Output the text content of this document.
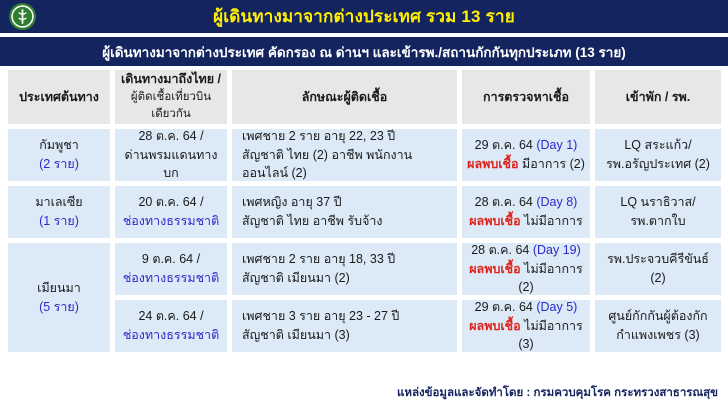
ผู้เดินทางมาจากต่างประเทศ รวม 13 ราย
ผู้เดินทางมาจากต่างประเทศ คัดกรอง ณ ด่านฯ และเข้ารพ./สถานกักกันทุกประเภท (13 ราย)
ประเทศต้นทาง
เดินทางมาถึงไทย /
ผู้ติดเชื้อเที่ยวบินเดียวกัน
ลักษณะผู้ติดเชื้อ	การตรวจหาเชื้อ	เข้าพัก / รพ.
กัมพูชา
(2 ราย)
28 ต.ค. 64 /
ด่านพรมแดนทางบก
เพศชาย 2 ราย อายุ 22, 23 ปี
สัญชาติ ไทย (2) อาชีพ พนักงานออนไลน์ (2)
29 ต.ค. 64 (Day 1)
ผลพบเชื้อ มีอาการ (2)
LQ สระแก้ว/
รพ.อรัญประเทศ (2)
มาเลเซีย
(1 ราย)
20 ต.ค. 64 /
ช่องทางธรรมชาติ
เพศหญิง อายุ 37 ปี
สัญชาติ ไทย อาชีพ รับจ้าง
28 ต.ค. 64 (Day 8)
ผลพบเชื้อ ไม่มีอาการ
LQ นราธิวาส/
รพ.ตากใบ
เมียนมา
(5 ราย)
9 ต.ค. 64 /
ช่องทางธรรมชาติ
เพศชาย 2 ราย อายุ 18, 33 ปี
สัญชาติ เมียนมา (2)
28 ต.ค. 64 (Day 19)
ผลพบเชื้อ ไม่มีอาการ (2)
รพ.ประจวบคีรีขันธ์ (2)
24 ต.ค. 64 /
ช่องทางธรรมชาติ
เพศชาย 3 ราย อายุ 23 - 27 ปี
สัญชาติ เมียนมา (3)
29 ต.ค. 64 (Day 5)
ผลพบเชื้อ ไม่มีอาการ (3)
ศูนย์กักกันผู้ต้องกัก
กำแพงเพชร (3)
แหล่งข้อมูลและจัดทำโดย : กรมควบคุมโรค กระทรวงสาธารณสุข
